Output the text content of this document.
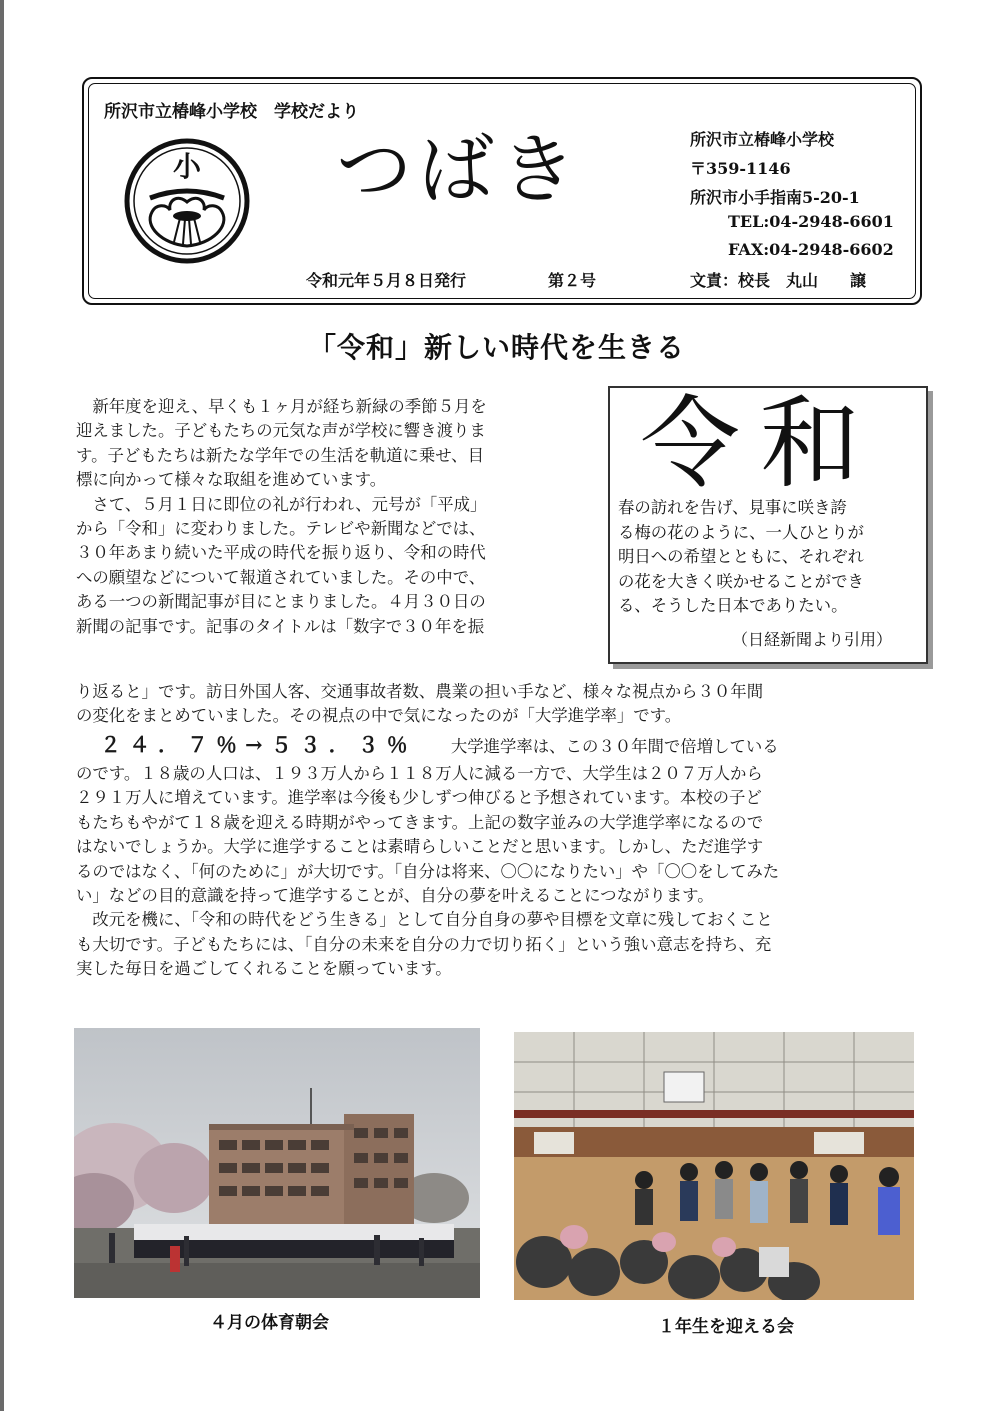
所沢市立椿峰小学校　学校だより
小 つばき	所沢市立椿峰小学校
〒359-1146
所沢市小手指南5-20-1
TEL:04-2948-6601
FAX:04-2948-6602
令和元年５月８日発行	第２号	文責：校長　丸山　　譲
「令和」新しい時代を生きる
　新年度を迎え、早くも１ヶ月が経ち新緑の季節５月を
迎えました。子どもたちの元気な声が学校に響き渡りま
す。子どもたちは新たな学年での生活を軌道に乗せ、目
標に向かって様々な取組を進めています。
　さて、５月１日に即位の礼が行われ、元号が「平成」
から「令和」に変わりました。テレビや新聞などでは、
３０年あまり続いた平成の時代を振り返り、令和の時代
への願望などについて報道されていました。その中で、
ある一つの新聞記事が目にとまりました。４月３０日の
新聞の記事です。記事のタイトルは「数字で３０年を振
令和
春の訪れを告げ、見事に咲き誇
る梅の花のように、一人ひとりが
明日への希望とともに、それぞれ
の花を大きく咲かせることができ
る、そうした日本でありたい。
（日経新聞より引用）
り返ると」です。訪日外国人客、交通事故者数、農業の担い手など、様々な視点から３０年間
の変化をまとめていました。その視点の中で気になったのが「大学進学率」です。
２４．７％→５３．３％ 大学進学率は、この３０年間で倍増している
のです。１８歳の人口は、１９３万人から１１８万人に減る一方で、大学生は２０７万人から
２９１万人に増えています。進学率は今後も少しずつ伸びると予想されています。本校の子ど
もたちもやがて１８歳を迎える時期がやってきます。上記の数字並みの大学進学率になるので
はないでしょうか。大学に進学することは素晴らしいことだと思います。しかし、ただ進学す
るのではなく、「何のために」が大切です。「自分は将来、〇〇になりたい」や「〇〇をしてみた
い」などの目的意識を持って進学することが、自分の夢を叶えることにつながります。
　改元を機に、「令和の時代をどう生きる」として自分自身の夢や目標を文章に残しておくこと
も大切です。子どもたちには、「自分の未来を自分の力で切り拓く」という強い意志を持ち、充
実した毎日を過ごしてくれることを願っています。
４月の体育朝会	１年生を迎える会
